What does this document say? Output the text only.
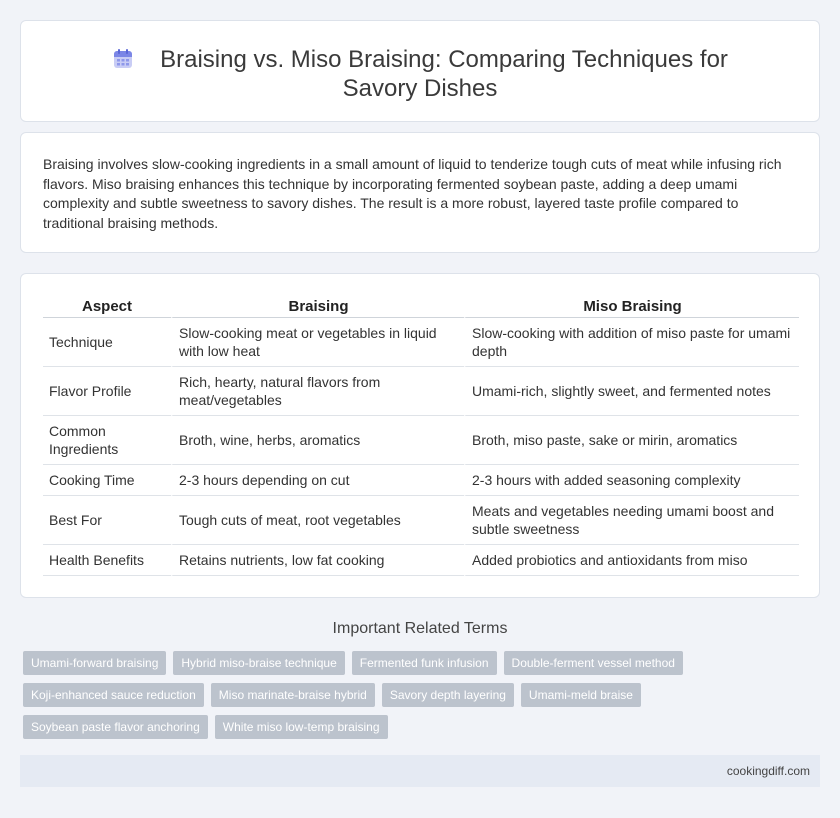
Braising vs. Miso Braising: Comparing Techniques for Savory Dishes

Braising involves slow-cooking ingredients in a small amount of liquid to tenderize tough cuts of meat while infusing rich flavors. Miso braising enhances this technique by incorporating fermented soybean paste, adding a deep umami complexity and subtle sweetness to savory dishes. The result is a more robust, layered taste profile compared to traditional braising methods.

Aspect	Braising	Miso Braising
Technique	Slow-cooking meat or vegetables in liquid with low heat	Slow-cooking with addition of miso paste for umami depth
Flavor Profile	Rich, hearty, natural flavors from meat/vegetables	Umami-rich, slightly sweet, and fermented notes
Common Ingredients	Broth, wine, herbs, aromatics	Broth, miso paste, sake or mirin, aromatics
Cooking Time	2-3 hours depending on cut	2-3 hours with added seasoning complexity
Best For	Tough cuts of meat, root vegetables	Meats and vegetables needing umami boost and subtle sweetness
Health Benefits	Retains nutrients, low fat cooking	Added probiotics and antioxidants from miso
Important Related Terms
Umami-forward braising	Hybrid miso-braise technique	Fermented funk infusion	Double-ferment vessel method
Koji-enhanced sauce reduction	Miso marinate-braise hybrid	Savory depth layering	Umami-meld braise
Soybean paste flavor anchoring	White miso low-temp braising
cookingdiff.com
